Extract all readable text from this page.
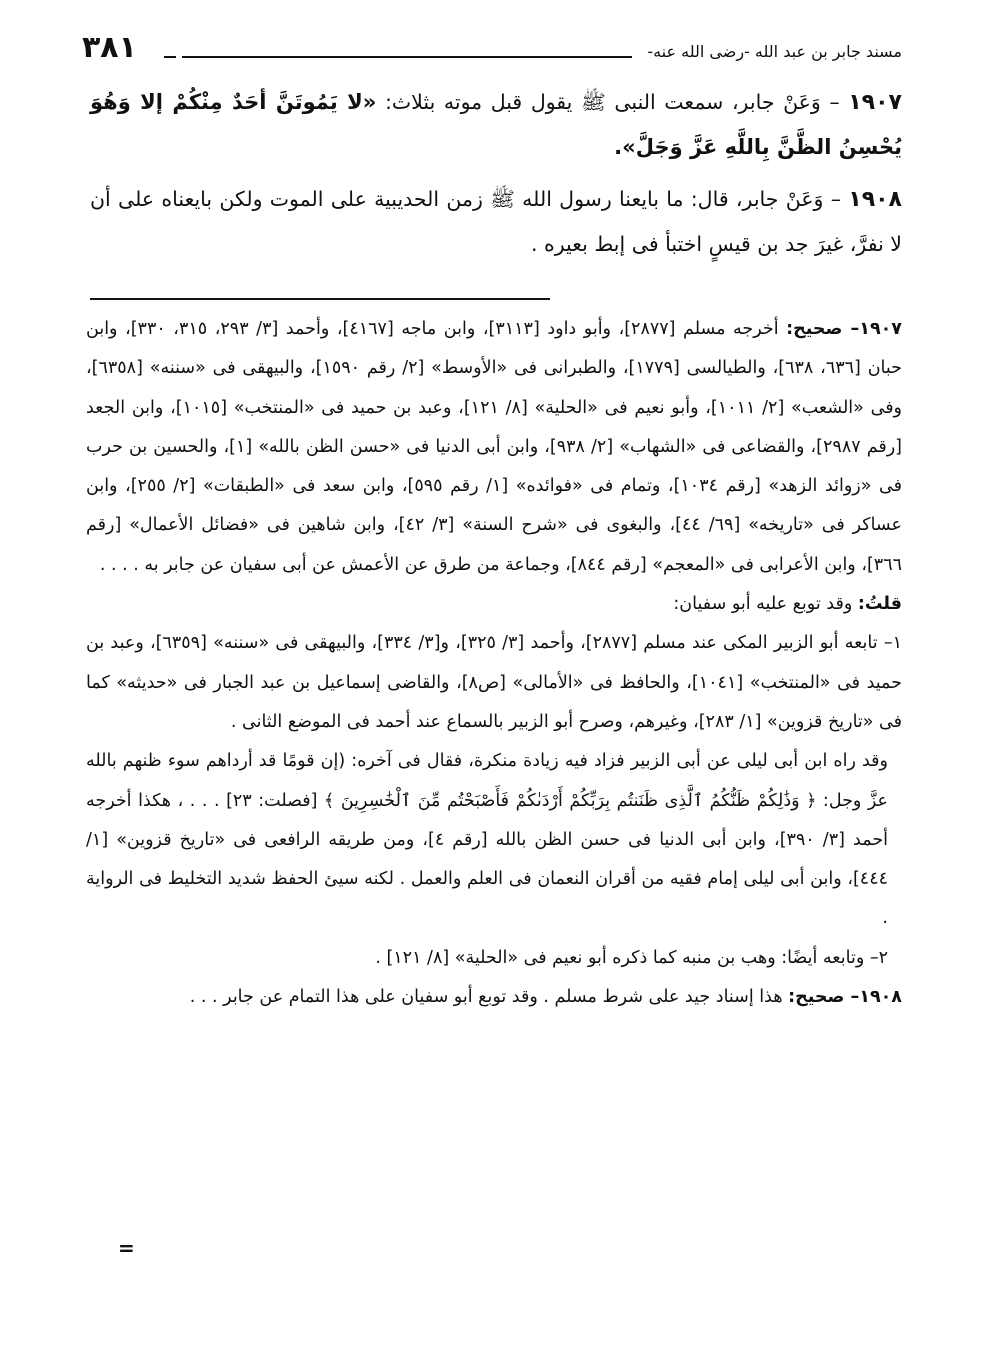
٣٨١	مسند جابر بن عبد الله -رضى الله عنه-

١٩٠٧ – وَعَنْ جابر، سمعت النبى ﷺ يقول قبل موته بثلاث: «لا يَمُوتَنَّ أحَدٌ مِنْكُمْ إلا وَهُوَ يُحْسِنُ الظَّنَّ بِاللَّهِ عَزَّ وَجَلَّ».

١٩٠٨ – وَعَنْ جابر، قال: ما بايعنا رسول الله ﷺ زمن الحديبية على الموت ولكن بايعناه على أن لا نفرَّ، غيرَ جد بن قيسٍ اختبأ فى إبط بعيره .

١٩٠٧– صحيح: أخرجه مسلم [٢٨٧٧]، وأبو داود [٣١١٣]، وابن ماجه [٤١٦٧]، وأحمد [٣/ ٢٩٣، ٣١٥، ٣٣٠]، وابن حبان [٦٣٦، ٦٣٨]، والطيالسى [١٧٧٩]، والطبرانى فى «الأوسط» [٢/ رقم ١٥٩٠]، والبيهقى فى «سننه» [٦٣٥٨]، وفى «الشعب» [٢/ ١٠١١]، وأبو نعيم فى «الحلية» [٨/ ١٢١]، وعبد بن حميد فى «المنتخب» [١٠١٥]، وابن الجعد [رقم ٢٩٨٧]، والقضاعى فى «الشهاب» [٢/ ٩٣٨]، وابن أبى الدنيا فى «حسن الظن بالله» [١]، والحسين بن حرب فى «زوائد الزهد» [رقم ١٠٣٤]، وتمام فى «فوائده» [١/ رقم ٥٩٥]، وابن سعد فى «الطبقات» [٢/ ٢٥٥]، وابن عساكر فى «تاريخه» [٦٩/ ٤٤]، والبغوى فى «شرح السنة» [٣/ ٤٢]، وابن شاهين فى «فضائل الأعمال» [رقم ٣٦٦]، وابن الأعرابى فى «المعجم» [رقم ٨٤٤]، وجماعة من طرق عن الأعمش عن أبى سفيان عن جابر به . . . .

قلتُ: وقد توبع عليه أبو سفيان:

١– تابعه أبو الزبير المكى عند مسلم [٢٨٧٧]، وأحمد [٣/ ٣٢٥]، و[٣/ ٣٣٤]، والبيهقى فى «سننه» [٦٣٥٩]، وعبد بن حميد فى «المنتخب» [١٠٤١]، والحافظ فى «الأمالى» [ص٨]، والقاضى إسماعيل بن عبد الجبار فى «حديثه» كما فى «تاريخ قزوين» [١/ ٢٨٣]، وغيرهم، وصرح أبو الزبير بالسماع عند أحمد فى الموضع الثانى .

وقد راه ابن أبى ليلى عن أبى الزبير فزاد فيه زيادة منكرة، فقال فى آخره: (إن قومًا قد أرداهم سوء ظنهم بالله عزَّ وجل: ﴿ وَذَٰلِكُمْ ظَنُّكُمُ ٱلَّذِى ظَنَنتُم بِرَبِّكُمْ أَرْدَىٰكُمْ فَأَصْبَحْتُم مِّنَ ٱلْخَٰسِرِينَ ﴾ [فصلت: ٢٣] . . . ، هكذا أخرجه أحمد [٣/ ٣٩٠]، وابن أبى الدنيا فى حسن الظن بالله [رقم ٤]، ومن طريقه الرافعى فى «تاريخ قزوين» [١/ ٤٤٤]، وابن أبى ليلى إمام فقيه من أقران النعمان فى العلم والعمل . لكنه سيئ الحفظ شديد التخليط فى الرواية .

٢– وتابعه أيضًا: وهب بن منبه كما ذكره أبو نعيم فى «الحلية» [٨/ ١٢١] .

١٩٠٨– صحيح: هذا إسناد جيد على شرط مسلم . وقد توبع أبو سفيان على هذا التمام عن جابر . . .

=
